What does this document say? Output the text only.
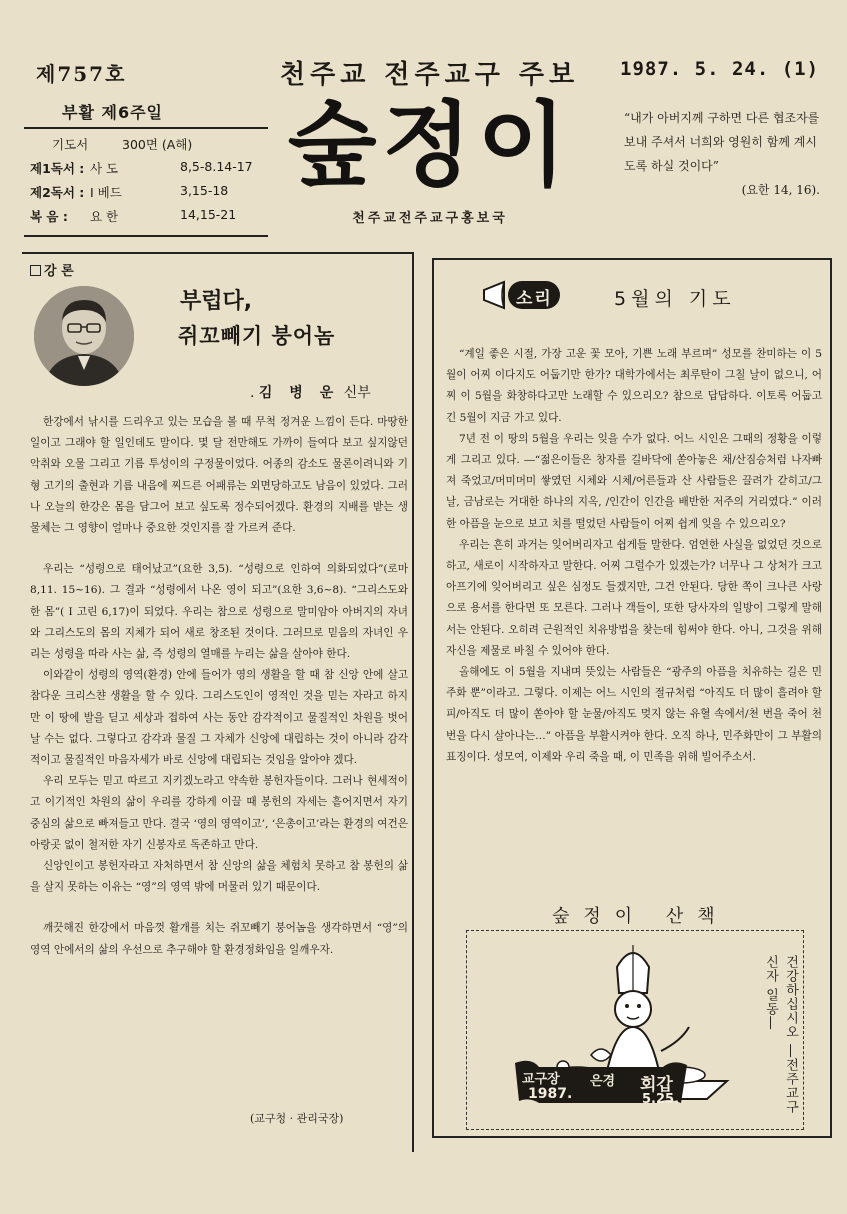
제757호	천주교 전주교구 주보 1987. 5. 24. (1)
부활 제6주일
기도서	300면 (A해)
제1독서 : 사 도	8,5-8.14-17
제2독서 : I 베드	3,15-18
복 음 : 요 한	14,15-21
숲정이
천주교전주교구홍보국
“내가 아버지께 구하면 다른 협조자를 보내 주셔서 너희와 영원히 함께 계시도록 하실 것이다”
(요한 14, 16).
강 론
부럽다,
쥐꼬빼기 붕어놈
. 김 병 운 신부

한강에서 낚시를 드리우고 있는 모습을 볼 때 무척 정겨운 느낌이 든다. 마땅한 일이고 그래야 할 일인데도 말이다. 몇 달 전만해도 가까이 들여다 보고 싶지않던 악취와 오물 그리고 기름 투성이의 구정물이었다. 어종의 감소도 물론이려니와 기형 고기의 출현과 기름 내음에 찌드른 어패류는 외면당하고도 남음이 있었다. 그러나 오늘의 한강은 몸을 담그어 보고 싶도록 정수되어겠다. 환경의 지배를 받는 생물체는 그 영향이 얼마나 중요한 것인지를 잘 가르켜 준다.

우리는 “성령으로 태어났고”(요한 3,5). “성령으로 인하여 의화되었다”(로마 8,11. 15~16). 그 결과 “성령에서 나온 영이 되고”(요한 3,6~8). “그리스도와 한 몸”( I 고린 6,17)이 되었다. 우리는 참으로 성령으로 말미암아 아버지의 자녀와 그리스도의 몸의 지체가 되어 새로 창조된 것이다. 그러므로 믿음의 자녀인 우리는 성령을 따라 사는 삶, 즉 성령의 열매를 누리는 삶을 살아야 한다.

이와같이 성령의 영역(환경) 안에 들어가 영의 생활을 할 때 참 신앙 안에 살고 참다운 크리스챤 생활을 할 수 있다. 그리스도인이 영적인 것을 믿는 자라고 하지만 이 땅에 발을 딛고 세상과 접하여 사는 동안 감각적이고 물질적인 차원을 벗어날 수는 없다. 그렇다고 감각과 물질 그 자체가 신앙에 대립하는 것이 아니라 감각적이고 물질적인 마음자세가 바로 신앙에 대립되는 것임을 알아야 겠다.

우리 모두는 믿고 따르고 지키겠노라고 약속한 봉헌자들이다. 그러나 현세적이고 이기적인 차원의 삶이 우리를 강하게 이끌 때 봉헌의 자세는 흩어지면서 자기 중심의 삶으로 빠져들고 만다. 결국 ‘영의 영역이고’, ‘은총이고’라는 환경의 여건은 아랑곳 없이 철저한 자기 신봉자로 독존하고 만다.

신앙인이고 봉헌자라고 자처하면서 참 신앙의 삶을 체험치 못하고 참 봉헌의 삶을 살지 못하는 이유는 “영”의 영역 밖에 머물러 있기 때문이다.

깨끗해진 한강에서 마음껏 활개를 치는 쥐꼬빼기 붕어놈을 생각하면서 “영”의 영역 안에서의 삶의 우선으로 추구해야 할 환경정화임을 일깨우자.

(교구청 · 관리국장)
소리	5월의 기도

“계일 좋은 시절, 가장 고운 꽃 모아, 기쁜 노래 부르며” 성모를 찬미하는 이 5월이 어찌 이다지도 어둡기만 한가? 대학가에서는 최루탄이 그칠 날이 없으니, 어찌 이 5월을 화창하다고만 노래할 수 있으리오? 참으로 답답하다. 이토록 어둡고 긴 5월이 지금 가고 있다.

7년 전 이 땅의 5월을 우리는 잊을 수가 없다. 어느 시인은 그때의 정황을 이렇게 그리고 있다. ―“젊은이들은 창자를 길바닥에 쏟아놓은 채/산짐승처럼 나자빠져 죽었고/머미머미 쌓였던 시체와 시체/어른들과 산 사람들은 끌려가 갇히고/그날, 금남로는 거대한 하나의 지옥, /인간이 인간을 배반한 저주의 거리였다.” 이러한 아픔을 눈으로 보고 치를 떨었던 사람들이 어찌 쉽게 잊을 수 있으리오?

우리는 흔히 과거는 잊어버리자고 쉽게들 말한다. 엄연한 사실을 없었던 것으로 하고, 새로이 시작하자고 말한다. 어찌 그럴수가 있겠는가? 너무나 그 상처가 크고 아프기에 잊어버리고 싶은 심정도 들겠지만, 그건 안된다. 당한 쪽이 크나큰 사랑으로 용서를 한다면 또 모른다. 그러나 객들이, 또한 당사자의 일방이 그렇게 말해서는 안된다. 오히려 근원적인 치유방법을 찾는데 힘써야 한다. 아니, 그것을 위해 자신을 제물로 바칠 수 있어야 한다.

올해에도 이 5월을 지내며 뜻있는 사람들은 “광주의 아픔을 치유하는 길은 민주화 뿐”이라고. 그렇다. 이제는 어느 시인의 절규처럼 “아직도 더 많이 흘려야 할 피/아직도 더 많이 쏟아야 할 눈물/아직도 멎지 않는 유혈 속에서/천 번을 죽어 천 번을 다시 살아나는…” 아픔을 부활시켜야 한다. 오직 하나, 민주화만이 그 부활의 표징이다. 성모여, 이제와 우리 죽을 때, 이 민족을 위해 빌어주소서.

숲정이 산책
건강하십시오 ―전주교구신자 일동―
교구장 은경 회갑
1987.	5.25.
